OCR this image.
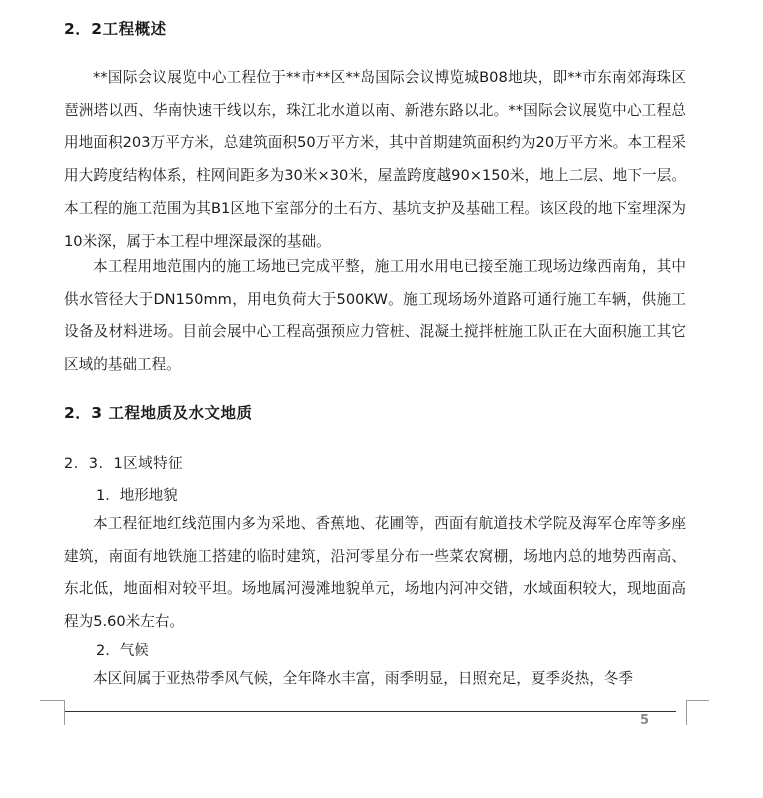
2．2工程概述

**国际会议展览中心工程位于**市**区**岛国际会议博览城B08地块，即**市东南郊海珠区琶洲塔以西、华南快速干线以东，珠江北水道以南、新港东路以北。**国际会议展览中心工程总用地面积203万平方米，总建筑面积50万平方米，其中首期建筑面积约为20万平方米。本工程采用大跨度结构体系，柱网间距多为30米×30米，屋盖跨度越90×150米，地上二层、地下一层。本工程的施工范围为其B1区地下室部分的土石方、基坑支护及基础工程。该区段的地下室埋深为10米深，属于本工程中埋深最深的基础。

本工程用地范围内的施工场地已完成平整，施工用水用电已接至施工现场边缘西南角，其中供水管径大于DN150mm，用电负荷大于500KW。施工现场场外道路可通行施工车辆，供施工设备及材料进场。目前会展中心工程高强预应力管桩、混凝土搅拌桩施工队正在大面积施工其它区域的基础工程。

2．3 工程地质及水文地质
2．3．1区域特征
1．地形地貌

本工程征地红线范围内多为采地、香蕉地、花圃等，西面有航道技术学院及海军仓库等多座建筑，南面有地铁施工搭建的临时建筑，沿河零星分布一些菜农窝棚，场地内总的地势西南高、东北低，地面相对较平坦。场地属河漫滩地貌单元，场地内河冲交错，水域面积较大，现地面高程为5.60米左右。

2．气候

本区间属于亚热带季风气候，全年降水丰富，雨季明显，日照充足，夏季炎热，冬季

5
